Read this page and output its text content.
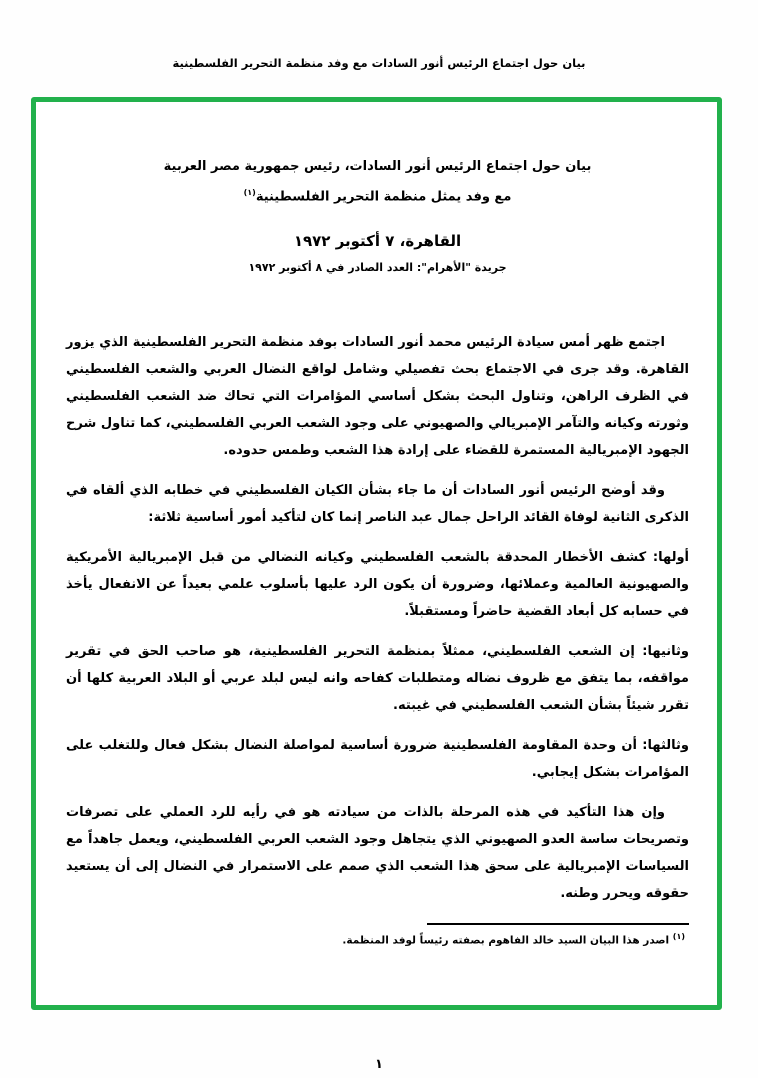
بيان حول اجتماع الرئيس أنور السادات مع وفد منظمة التحرير الفلسطينية
بيان حول اجتماع الرئيس أنور السادات، رئيس جمهورية مصر العربية
مع وفد يمثل منظمة التحرير الفلسطينية$^{(١)}$
القاهرة، ٧ أكتوبر ١٩٧٢
جريدة "الأهرام": العدد الصادر في ٨ أكتوبر ١٩٧٢

اجتمع ظهر أمس سيادة الرئيس محمد أنور السادات بوفد منظمة التحرير الفلسطينية الذي يزور القاهرة. وقد جرى في الاجتماع بحث تفصيلي وشامل لواقع النضال العربي والشعب الفلسطيني في الظرف الراهن، وتناول البحث بشكل أساسي المؤامرات التي تحاك ضد الشعب الفلسطيني وثورته وكيانه والتآمر الإمبريالي والصهيوني على وجود الشعب العربي الفلسطيني، كما تناول شرح الجهود الإمبريالية المستمرة للقضاء على إرادة هذا الشعب وطمس حدوده.

وقد أوضح الرئيس أنور السادات أن ما جاء بشأن الكيان الفلسطيني في خطابه الذي ألقاه في الذكرى الثانية لوفاة القائد الراحل جمال عبد الناصر إنما كان لتأكيد أمور أساسية ثلاثة:

أولها: كشف الأخطار المحدقة بالشعب الفلسطيني وكيانه النضالي من قبل الإمبريالية الأمريكية والصهيونية العالمية وعملائها، وضرورة أن يكون الرد عليها بأسلوب علمي بعيداً عن الانفعال يأخذ في حسابه كل أبعاد القضية حاضراً ومستقبلاً.

وثانيها: إن الشعب الفلسطيني، ممثلاً بمنظمة التحرير الفلسطينية، هو صاحب الحق في تقرير مواقفه، بما يتفق مع ظروف نضاله ومتطلبات كفاحه وانه ليس لبلد عربي أو البلاد العربية كلها أن تقرر شيئاً بشأن الشعب الفلسطيني في غيبته.

وثالثها: أن وحدة المقاومة الفلسطينية ضرورة أساسية لمواصلة النضال بشكل فعال وللتغلب على المؤامرات بشكل إيجابي.

وإن هذا التأكيد في هذه المرحلة بالذات من سيادته هو في رأيه للرد العملي على تصرفات وتصريحات ساسة العدو الصهيوني الذي يتجاهل وجود الشعب العربي الفلسطيني، ويعمل جاهداً مع السياسات الإمبريالية على سحق هذا الشعب الذي صمم على الاستمرار في النضال إلى أن يستعيد حقوقه ويحرر وطنه.

$^{(١)}$ اصدر هذا البيان السيد خالد الفاهوم بصفته رئيساً لوفد المنظمة.
١
